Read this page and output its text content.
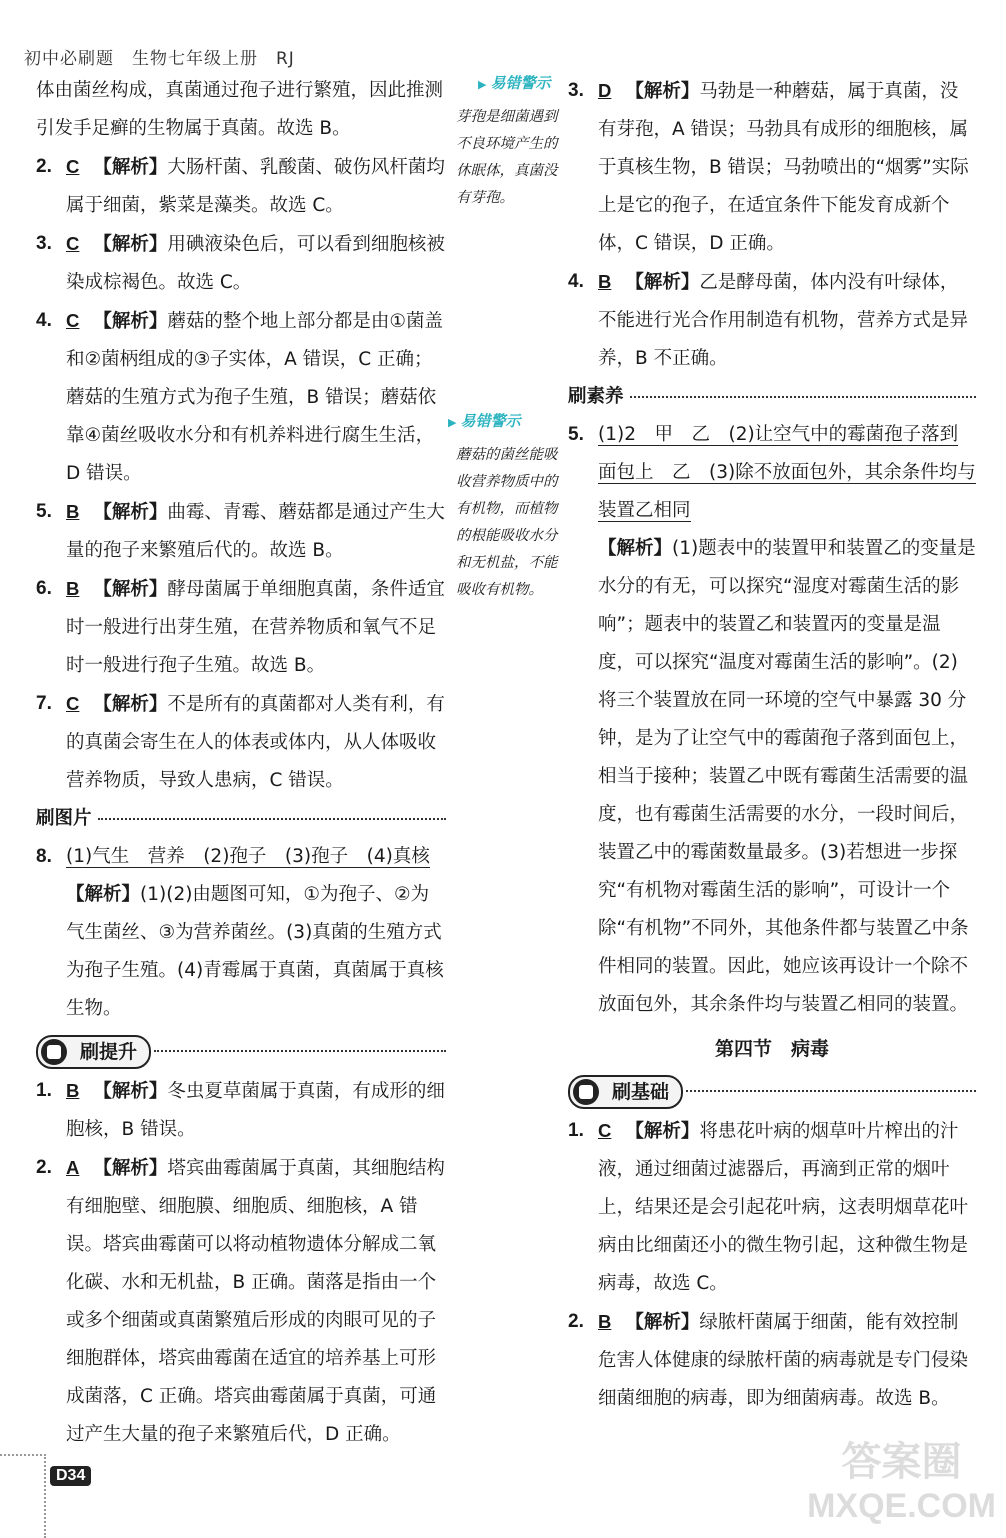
初中必刷题　生物七年级上册　RJ

体由菌丝构成，真菌通过孢子进行繁殖，因此推测引发手足癣的生物属于真菌。故选 B。

2. C 【解析】大肠杆菌、乳酸菌、破伤风杆菌均属于细菌，紫菜是藻类。故选 C。

3. C 【解析】用碘液染色后，可以看到细胞核被染成棕褐色。故选 C。

4. C 【解析】蘑菇的整个地上部分都是由①菌盖和②菌柄组成的③子实体，A 错误，C 正确；蘑菇的生殖方式为孢子生殖，B 错误；蘑菇依靠④菌丝吸收水分和有机养料进行腐生生活，D 错误。

5. B 【解析】曲霉、青霉、蘑菇都是通过产生大量的孢子来繁殖后代的。故选 B。

6. B 【解析】酵母菌属于单细胞真菌，条件适宜时一般进行出芽生殖，在营养物质和氧气不足时一般进行孢子生殖。故选 B。

7. C 【解析】不是所有的真菌都对人类有利，有的真菌会寄生在人的体表或体内，从人体吸收营养物质，导致人患病，C 错误。

刷图片

8. (1)气生　营养　(2)孢子　(3)孢子　(4)真核
【解析】(1)(2)由题图可知，①为孢子、②为气生菌丝、③为营养菌丝。(3)真菌的生殖方式为孢子生殖。(4)青霉属于真菌，真菌属于真核生物。

刷提升

1. B 【解析】冬虫夏草菌属于真菌，有成形的细胞核，B 错误。

2. A 【解析】塔宾曲霉菌属于真菌，其细胞结构有细胞壁、细胞膜、细胞质、细胞核，A 错误。塔宾曲霉菌可以将动植物遗体分解成二氧化碳、水和无机盐，B 正确。菌落是指由一个或多个细菌或真菌繁殖后形成的肉眼可见的子细胞群体，塔宾曲霉菌在适宜的培养基上可形成菌落，C 正确。塔宾曲霉菌属于真菌，可通过产生大量的孢子来繁殖后代，D 正确。

▶ 易错警示
芽孢是细菌遇到不良环境产生的休眠体，真菌没有芽孢。
▶ 易错警示
蘑菇的菌丝能吸收营养物质中的有机物，而植物的根能吸收水分和无机盐，不能吸收有机物。

3. D 【解析】马勃是一种蘑菇，属于真菌，没有芽孢，A 错误；马勃具有成形的细胞核，属于真核生物，B 错误；马勃喷出的“烟雾”实际上是它的孢子，在适宜条件下能发育成新个体，C 错误，D 正确。

4. B 【解析】乙是酵母菌，体内没有叶绿体，不能进行光合作用制造有机物，营养方式是异养，B 不正确。

刷素养

5. (1)2　甲　乙　(2)让空气中的霉菌孢子落到面包上　乙　(3)除不放面包外，其余条件均与装置乙相同
【解析】(1)题表中的装置甲和装置乙的变量是水分的有无，可以探究“湿度对霉菌生活的影响”；题表中的装置乙和装置丙的变量是温度，可以探究“温度对霉菌生活的影响”。(2)将三个装置放在同一环境的空气中暴露 30 分钟，是为了让空气中的霉菌孢子落到面包上，相当于接种；装置乙中既有霉菌生活需要的温度，也有霉菌生活需要的水分，一段时间后，装置乙中的霉菌数量最多。(3)若想进一步探究“有机物对霉菌生活的影响”，可设计一个除“有机物”不同外，其他条件都与装置乙中条件相同的装置。因此，她应该再设计一个除不放面包外，其余条件均与装置乙相同的装置。

第四节　病毒

刷基础

1. C 【解析】将患花叶病的烟草叶片榨出的汁液，通过细菌过滤器后，再滴到正常的烟叶上，结果还是会引起花叶病，这表明烟草花叶病由比细菌还小的微生物引起，这种微生物是病毒，故选 C。

2. B 【解析】绿脓杆菌属于细菌，能有效控制危害人体健康的绿脓杆菌的病毒就是专门侵染细菌细胞的病毒，即为细菌病毒。故选 B。

D34	答案圈
MXQE.COM
